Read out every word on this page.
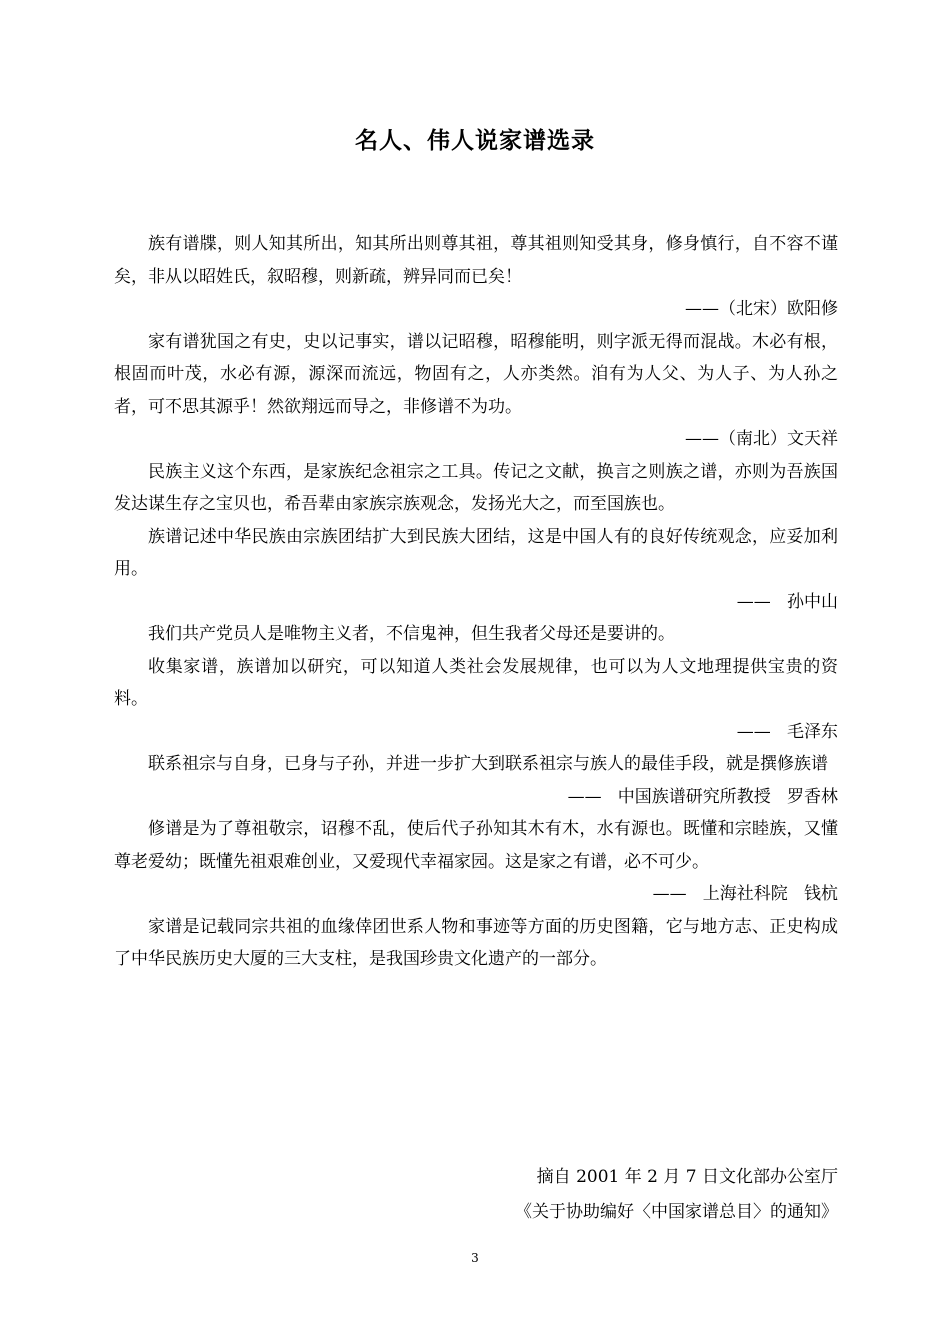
名人、伟人说家谱选录

族有谱牒，则人知其所出，知其所出则尊其祖，尊其祖则知受其身，修身慎行，自不容不谨矣，非从以昭姓氏，叙昭穆，则新疏，辨异同而已矣！

——（北宋）欧阳修

家有谱犹国之有史，史以记事实，谱以记昭穆，昭穆能明，则字派无得而混战。木必有根，根固而叶茂，水必有源，源深而流远，物固有之，人亦类然。洎有为人父、为人子、为人孙之者，可不思其源乎！然欲翔远而导之，非修谱不为功。

——（南北）文天祥

民族主义这个东西，是家族纪念祖宗之工具。传记之文献，换言之则族之谱，亦则为吾族国发达谋生存之宝贝也，希吾辈由家族宗族观念，发扬光大之，而至国族也。

族谱记述中华民族由宗族团结扩大到民族大团结，这是中国人有的良好传统观念，应妥加利用。

——   孙中山

我们共产党员人是唯物主义者，不信鬼神，但生我者父母还是要讲的。

收集家谱，族谱加以研究，可以知道人类社会发展规律，也可以为人文地理提供宝贵的资料。

——   毛泽东

联系祖宗与自身，已身与子孙，并进一步扩大到联系祖宗与族人的最佳手段，就是撰修族谱

——   中国族谱研究所教授   罗香林

修谱是为了尊祖敬宗，诏穆不乱，使后代子孙知其木有木，水有源也。既懂和宗睦族，又懂尊老爱幼；既懂先祖艰难创业，又爱现代幸福家园。这是家之有谱，必不可少。

——   上海社科院   钱杭

家谱是记载同宗共祖的血缘倖团世系人物和事迹等方面的历史图籍，它与地方志、正史构成了中华民族历史大厦的三大支柱，是我国珍贵文化遗产的一部分。

摘自 2001 年 2 月 7 日文化部办公室厅
《关于协助编好〈中国家谱总目〉的通知》
3
